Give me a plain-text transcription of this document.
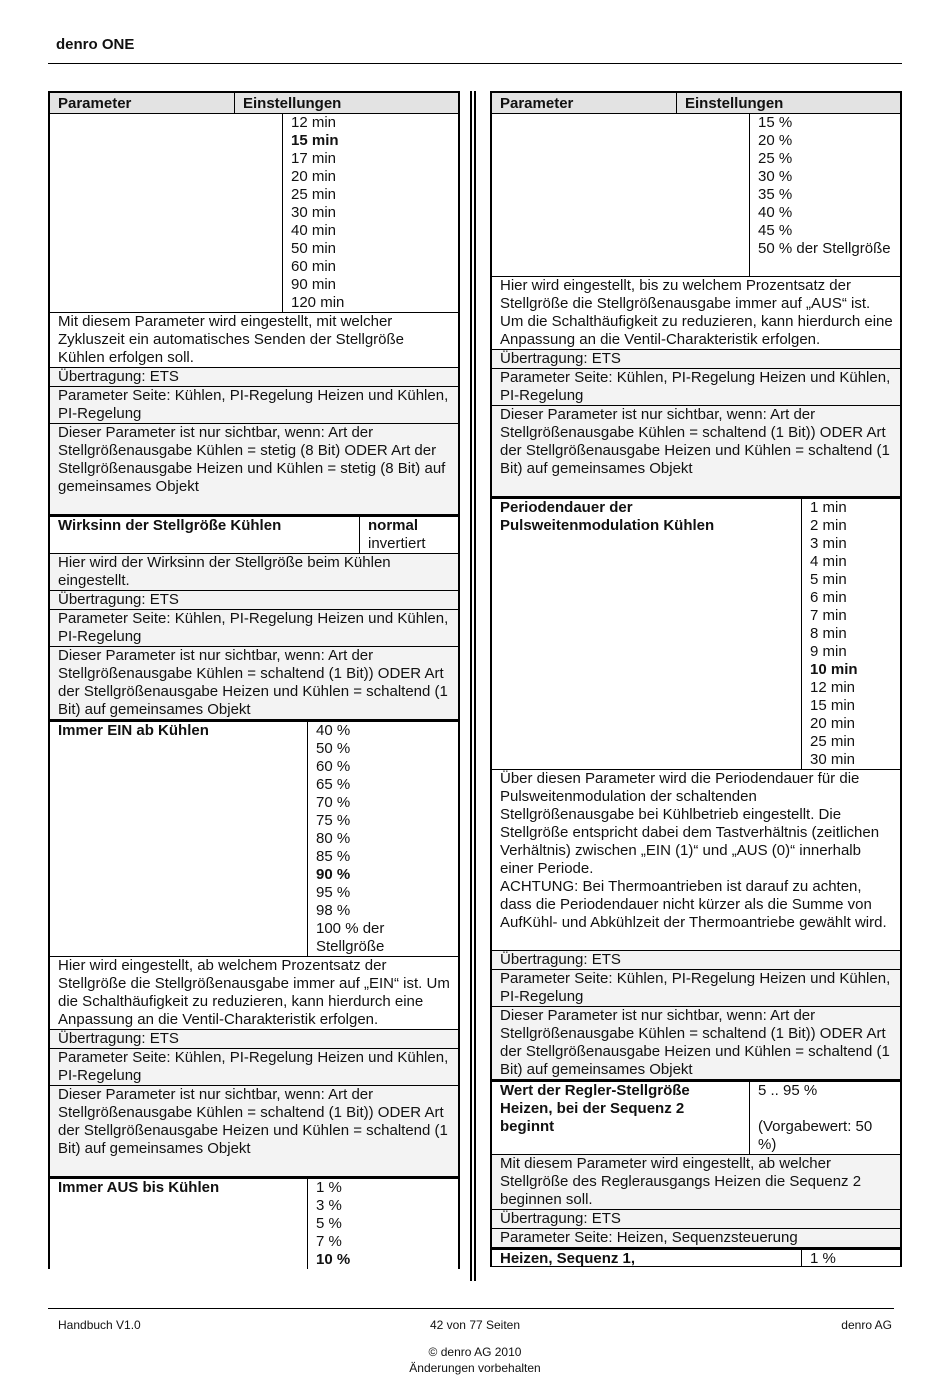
denro ONE
Parameter	Einstellungen
12 min
15 min
17 min
20 min
25 min
30 min
40 min
50 min
60 min
90 min
120 min
Mit diesem Parameter wird eingestellt, mit welcher Zykluszeit ein automatisches Senden der Stellgröße Kühlen erfolgen soll.
Übertragung: ETS
Parameter Seite: Kühlen, PI-Regelung Heizen und Kühlen, PI-Regelung
Dieser Parameter ist nur sichtbar, wenn: Art der Stellgrößenausgabe Kühlen = stetig (8 Bit) ODER Art der Stellgrößenausgabe Heizen und Kühlen = stetig (8 Bit) auf gemeinsames Objekt
Wirksinn der Stellgröße Kühlen	normal
invertiert
Hier wird der Wirksinn der Stellgröße beim Kühlen eingestellt.
Übertragung: ETS
Parameter Seite: Kühlen, PI-Regelung Heizen und Kühlen, PI-Regelung
Dieser Parameter ist nur sichtbar, wenn: Art der Stellgrößenausgabe Kühlen = schaltend (1 Bit)) ODER Art der Stellgrößenausgabe Heizen und Kühlen = schaltend (1 Bit) auf gemeinsames Objekt
Immer EIN ab Kühlen	40 %
50 %
60 %
65 %
70 %
75 %
80 %
85 %
90 %
95 %
98 %
100 % der Stellgröße
Hier wird eingestellt, ab welchem Prozentsatz der Stellgröße die Stellgrößenausgabe immer auf „EIN“ ist. Um die Schalthäufigkeit zu reduzieren, kann hierdurch eine Anpassung an die Ventil-Charakteristik erfolgen.
Übertragung: ETS
Parameter Seite: Kühlen, PI-Regelung Heizen und Kühlen, PI-Regelung
Dieser Parameter ist nur sichtbar, wenn: Art der Stellgrößenausgabe Kühlen = schaltend (1 Bit)) ODER Art der Stellgrößenausgabe Heizen und Kühlen = schaltend (1 Bit) auf gemeinsames Objekt
Immer AUS bis Kühlen	1 %
3 %
5 %
7 %
10 %
Parameter	Einstellungen
15 %
20 %
25 %
30 %
35 %
40 %
45 %
50 % der Stellgröße
Hier wird eingestellt, bis zu welchem Prozentsatz der Stellgröße die Stellgrößenausgabe immer auf „AUS“ ist. Um die Schalthäufigkeit zu reduzieren, kann hierdurch eine Anpassung an die Ventil-Charakteristik erfolgen.
Übertragung: ETS
Parameter Seite: Kühlen, PI-Regelung Heizen und Kühlen, PI-Regelung
Dieser Parameter ist nur sichtbar, wenn: Art der Stellgrößenausgabe Kühlen = schaltend (1 Bit)) ODER Art der Stellgrößenausgabe Heizen und Kühlen = schaltend (1 Bit) auf gemeinsames Objekt
Periodendauer der Pulsweitenmodulation Kühlen
1 min
2 min
3 min
4 min
5 min
6 min
7 min
8 min
9 min
10 min
12 min
15 min
20 min
25 min
30 min
Über diesen Parameter wird die Periodendauer für die Pulsweitenmodulation der schaltenden Stellgrößenausgabe bei Kühlbetrieb eingestellt. Die Stellgröße entspricht dabei dem Tastverhältnis (zeitlichen Verhältnis) zwischen „EIN (1)“ und „AUS (0)“ innerhalb einer Periode.
ACHTUNG: Bei Thermoantrieben ist darauf zu achten, dass die Periodendauer nicht kürzer als die Summe von AufKühl- und Abkühlzeit der Thermoantriebe gewählt wird.
Übertragung: ETS
Parameter Seite: Kühlen, PI-Regelung Heizen und Kühlen, PI-Regelung
Dieser Parameter ist nur sichtbar, wenn: Art der Stellgrößenausgabe Kühlen = schaltend (1 Bit)) ODER Art der Stellgrößenausgabe Heizen und Kühlen = schaltend (1 Bit) auf gemeinsames Objekt
Wert der Regler-Stellgröße Heizen, bei der Sequenz 2 beginnt
5 .. 95 %
(Vorgabewert: 50 %)
Mit diesem Parameter wird eingestellt, ab welcher Stellgröße des Reglerausgangs Heizen die Sequenz 2 beginnen soll.
Übertragung: ETS
Parameter Seite: Heizen, Sequenzsteuerung
Heizen, Sequenz 1,	1 %
Handbuch V1.0	42 von 77 Seiten	denro AG
© denro AG 2010
Änderungen vorbehalten
